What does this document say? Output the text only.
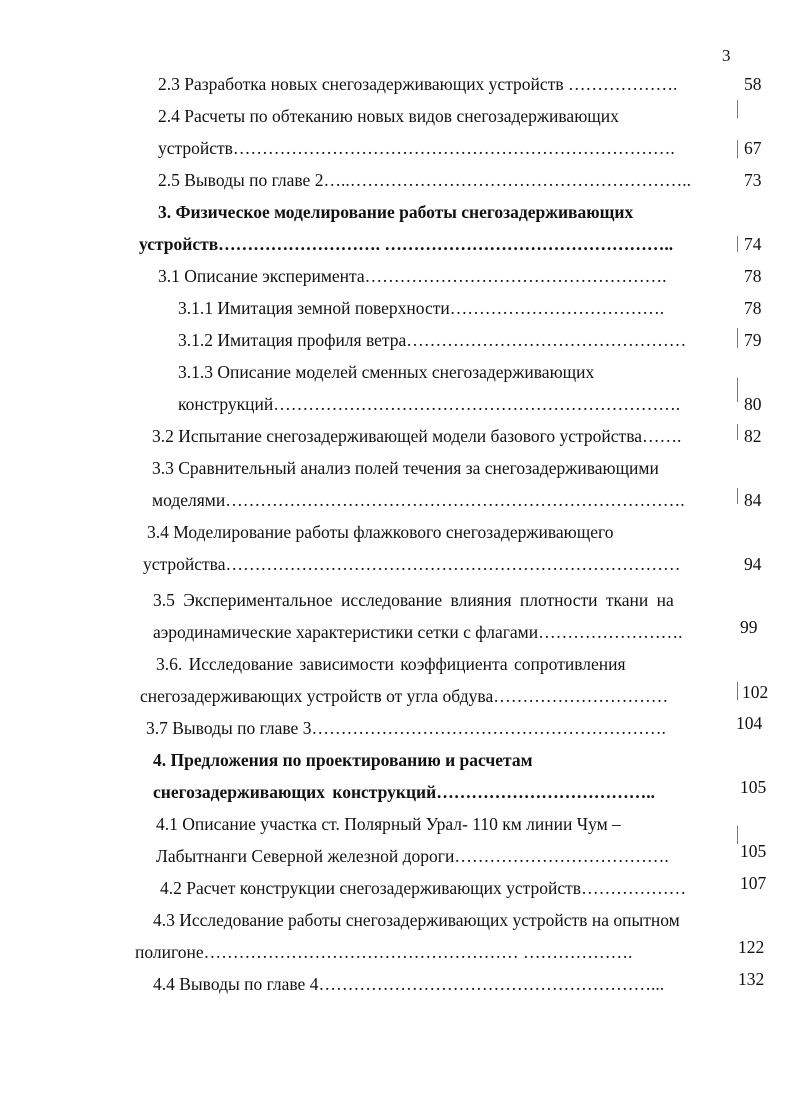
3
2.3 Разработка новых снегозадерживающих устройств ……………….	58
2.4 Расчеты по обтеканию новых видов снегозадерживающих
устройств………………………………………………………………….	67
2.5 Выводы по главе 2…..…………………………………………………..	73
3. Физическое моделирование работы снегозадерживающих
устройств………………………. …………………………………………..	74
3.1 Описание эксперимента…………………………………………….	78
3.1.1 Имитация земной поверхности……………………………….	78
3.1.2 Имитация профиля ветра…………………………………………	79
3.1.3 Описание моделей сменных снегозадерживающих
конструкций…………………………………………………………….	80
3.2 Испытание снегозадерживающей модели базового устройства…….	82
3.3 Сравнительный анализ полей течения за снегозадерживающими
моделями…………………………………………………………………….	84
3.4 Моделирование работы флажкового снегозадерживающего
устройства……………………………………………………………………	94
3.5 Экспериментальное исследование влияния плотности ткани на
аэродинамические характеристики сетки с флагами…………………….	99
3.6. Исследование зависимости коэффициента сопротивления
снегозадерживающих устройств от угла обдува…………………………	102
3.7 Выводы по главе 3…………………………………………………….	104
4. Предложения по проектированию и расчетам
снегозадерживающих конструкций………………………………..	105
4.1 Описание участка ст. Полярный Урал- 110 км линии Чум –
Лабытнанги Северной железной дороги……………………………….	105
4.2 Расчет конструкции снегозадерживающих устройств………………	107
4.3 Исследование работы снегозадерживающих устройств на опытном
полигоне……………………………………………… ……………….	122
4.4 Выводы по главе 4…………………………………………………...	132
